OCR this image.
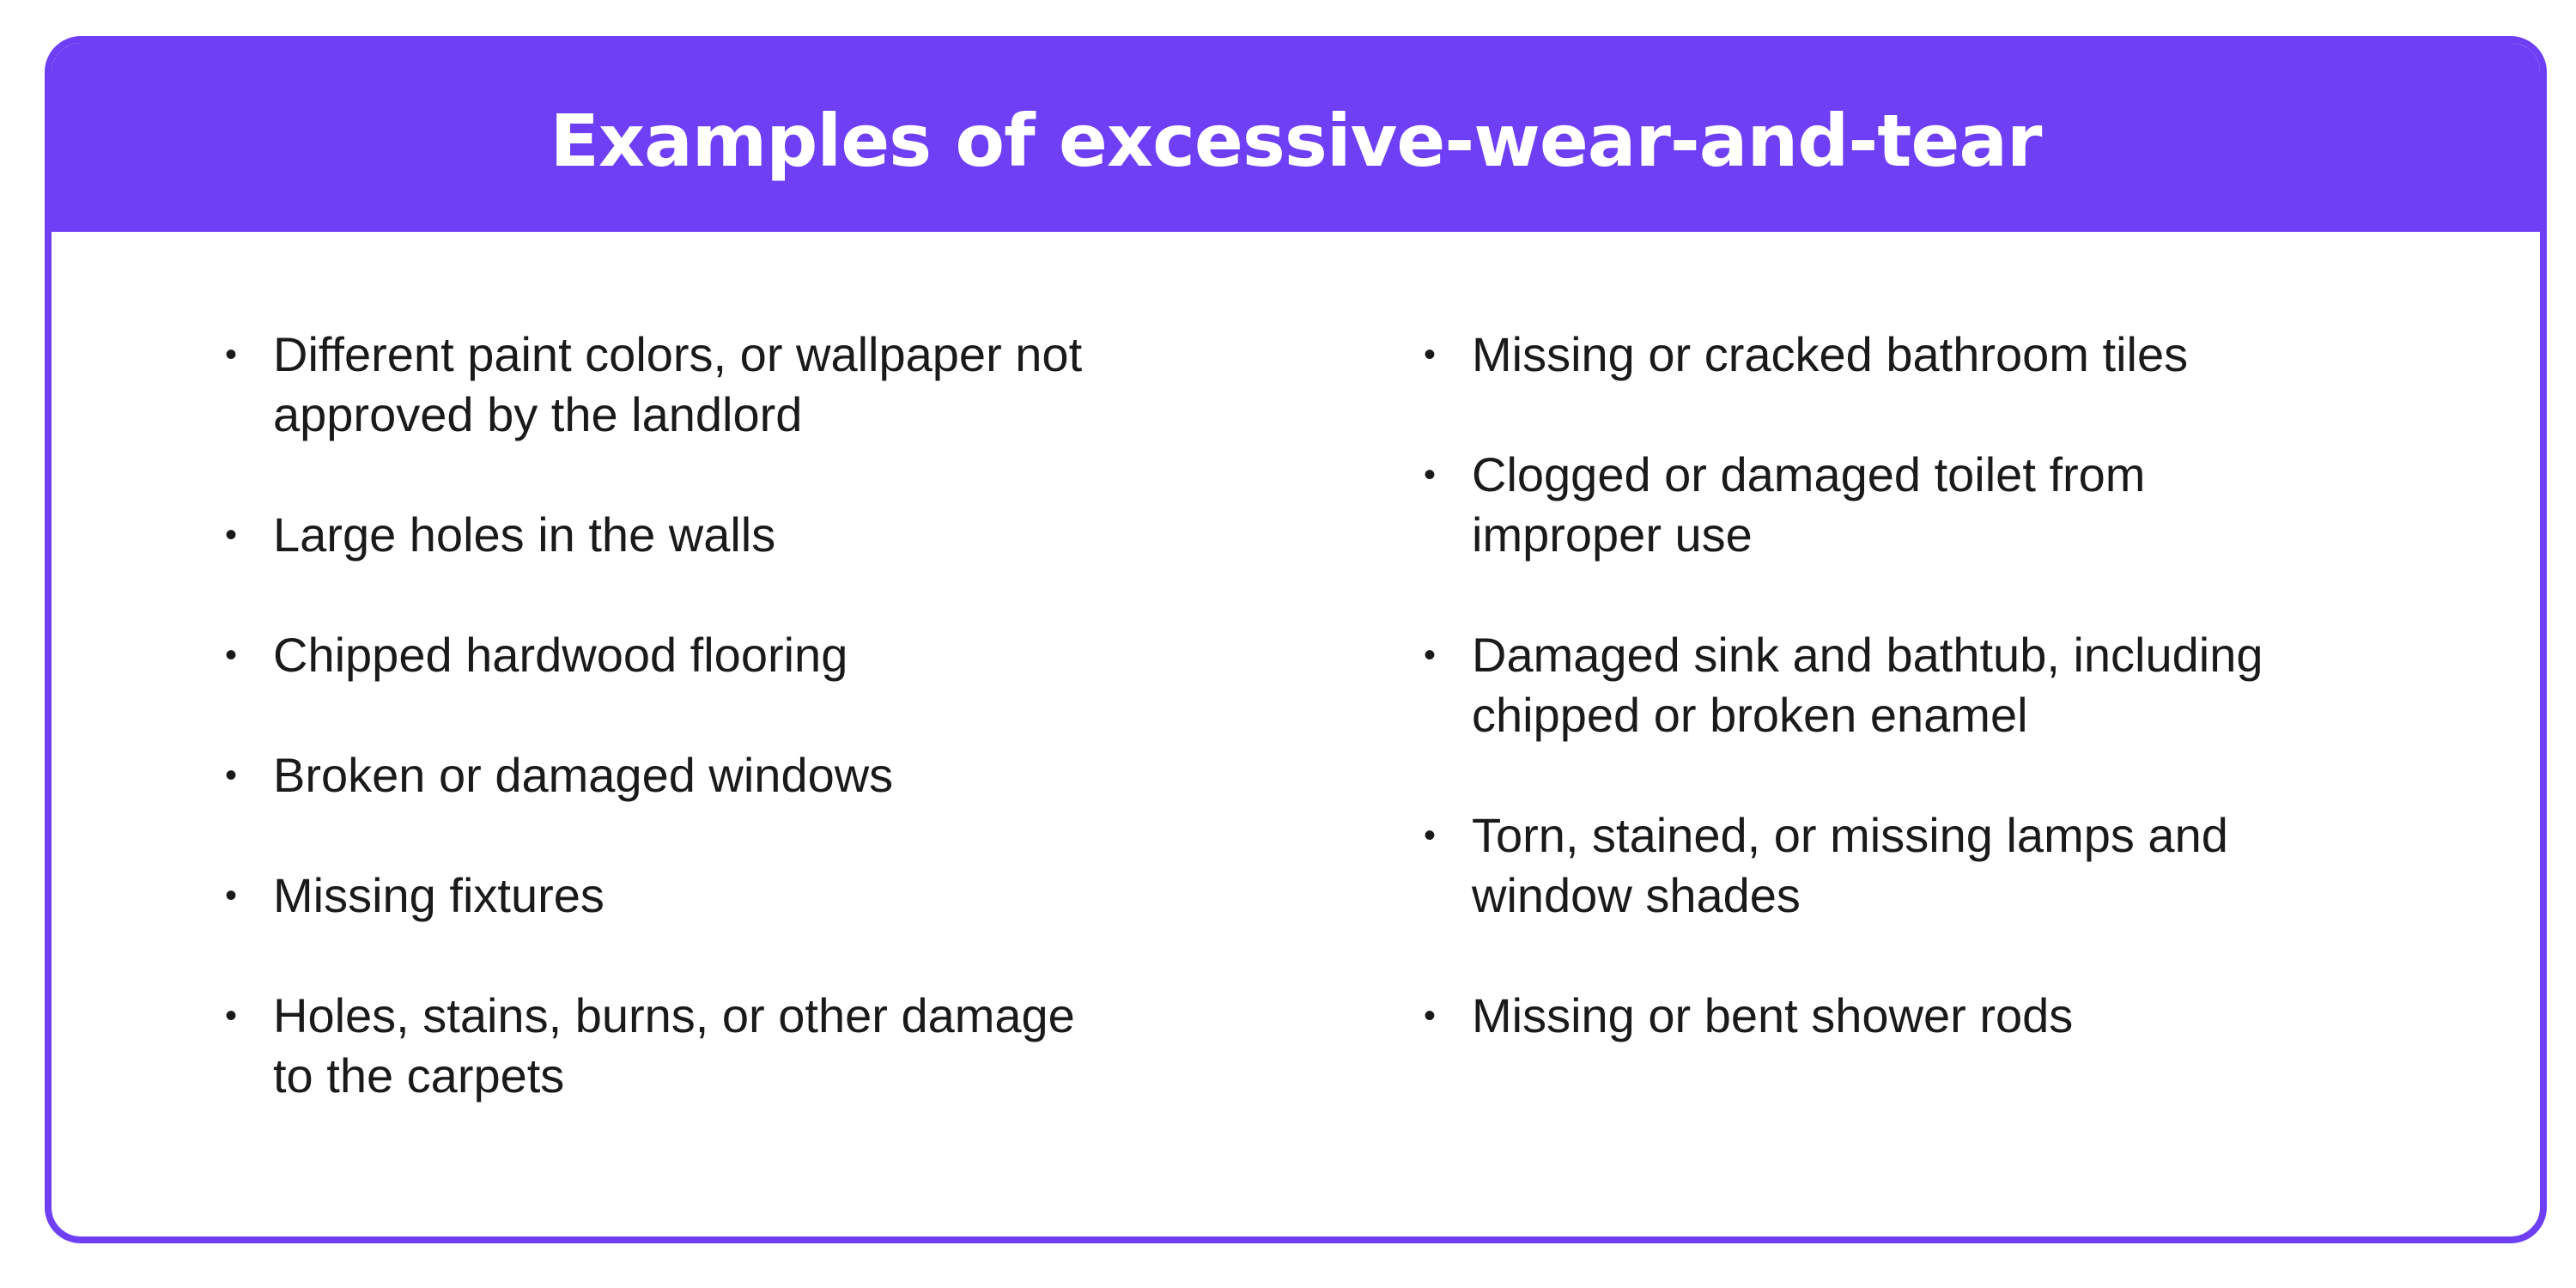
Examples of excessive-wear-and-tear
• Different paint colors, or wallpaper not
approved by the landlord
• Large holes in the walls
• Chipped hardwood flooring
• Broken or damaged windows
• Missing fixtures
• Holes, stains, burns, or other damage
to the carpets
• Missing or cracked bathroom tiles
• Clogged or damaged toilet from
improper use
• Damaged sink and bathtub, including
chipped or broken enamel
• Torn, stained, or missing lamps and
window shades
• Missing or bent shower rods
